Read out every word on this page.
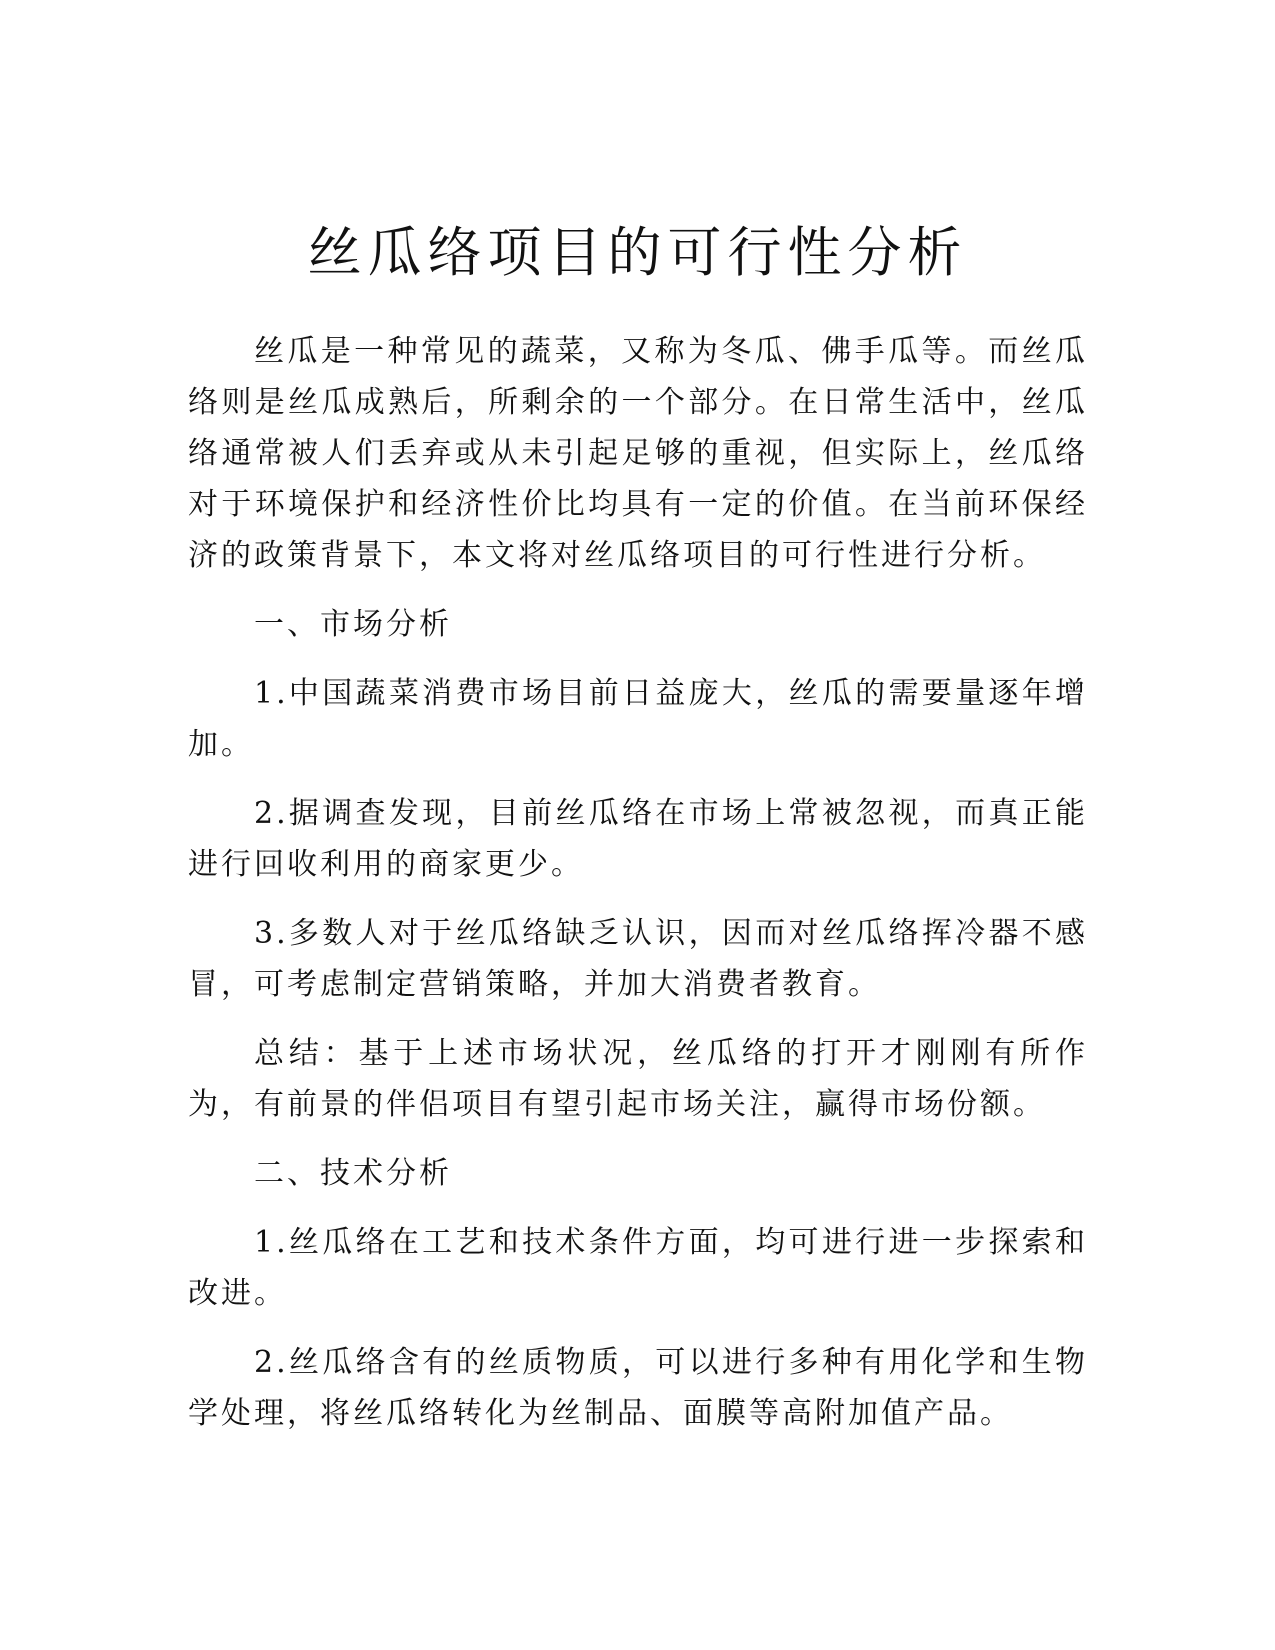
丝瓜络项目的可行性分析

丝瓜是一种常见的蔬菜，又称为冬瓜、佛手瓜等。而丝瓜络则是丝瓜成熟后，所剩余的一个部分。在日常生活中，丝瓜络通常被人们丢弃或从未引起足够的重视，但实际上，丝瓜络对于环境保护和经济性价比均具有一定的价值。在当前环保经济的政策背景下，本文将对丝瓜络项目的可行性进行分析。

一、市场分析

1.中国蔬菜消费市场目前日益庞大，丝瓜的需要量逐年增加。

2.据调查发现，目前丝瓜络在市场上常被忽视，而真正能进行回收利用的商家更少。

3.多数人对于丝瓜络缺乏认识，因而对丝瓜络挥冷器不感冒，可考虑制定营销策略，并加大消费者教育。

总结：基于上述市场状况，丝瓜络的打开才刚刚有所作为，有前景的伴侣项目有望引起市场关注，赢得市场份额。

二、技术分析

1.丝瓜络在工艺和技术条件方面，均可进行进一步探索和改进。

2.丝瓜络含有的丝质物质，可以进行多种有用化学和生物学处理，将丝瓜络转化为丝制品、面膜等高附加值产品。
